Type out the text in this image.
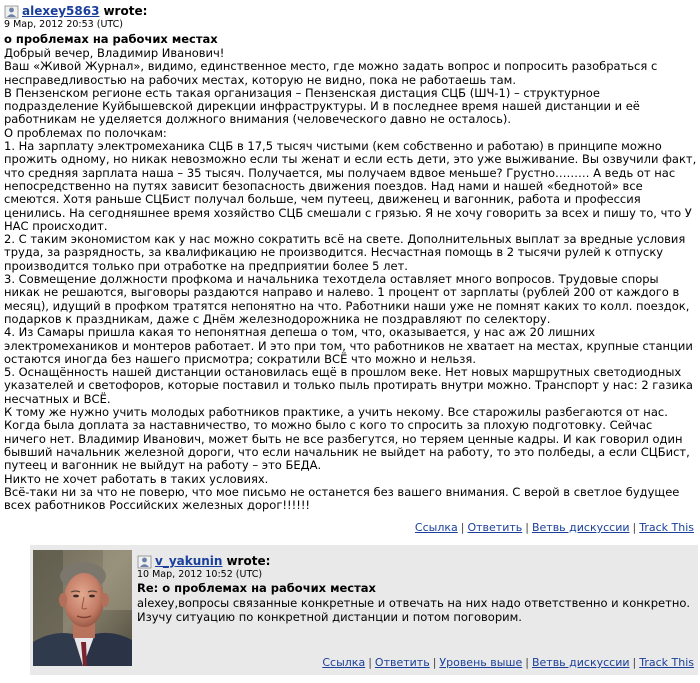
alexey5863 wrote:
9 Мар, 2012 20:53 (UTC)
о проблемах на рабочих местах

Добрый вечер, Владимир Иванович!

Ваш «Живой Журнал», видимо, единственное место, где можно задать вопрос и попросить разобраться с несправедливостью на рабочих местах, которую не видно, пока не работаешь там.

В Пензенском регионе есть такая организация – Пензенская дистация СЦБ (ШЧ-1) – структурное подразделение Куйбышевской дирекции инфраструктуры. И в последнее время нашей дистанции и её работникам не уделяется должного внимания (человеческого давно не осталось).

О проблемах по полочкам:

1. На зарплату электромеханика СЦБ в 17,5 тысяч чистыми (кем собственно и работаю) в принципе можно прожить одному, но никак невозможно если ты женат и если есть дети, это уже выживание. Вы озвучили факт, что средняя зарплата наша – 35 тысяч. Получается, мы получаем вдвое меньше? Грустно……… А ведь от нас непосредственно на путях зависит безопасность движения поездов. Над нами и нашей «беднотой» все смеются. Хотя раньше СЦБист получал больше, чем путеец, движенец и вагонник, работа и профессия ценились. На сегодняшнее время хозяйство СЦБ смешали с грязью. Я не хочу говорить за всех и пишу то, что У НАС происходит.

2. С таким экономистом как у нас можно сократить всё на свете. Дополнительных выплат за вредные условия труда, за разрядность, за квалификацию не производится. Несчастная помощь в 2 тысячи рулей к отпуску производится только при отработке на предприятии более 5 лет.

3. Совмещение должности профкома и начальника техотдела оставляет много вопросов. Трудовые споры никак не решаются, выговоры раздаются направо и налево. 1 процент от зарплаты (рублей 200 от каждого в месяц), идущий в профком тратятся непонятно на что. Работники наши уже не помнят каких то колл. поездок, подарков к праздникам, даже с Днём железнодорожника не поздравляют по селектору.

4. Из Самары пришла какая то непонятная депеша о том, что, оказывается, у нас аж 20 лишних электромехаников и монтеров работает. И это при том, что работников не хватает на местах, крупные станции остаются иногда без нашего присмотра; сократили ВСЁ что можно и нельзя.

5. Оснащённость нашей дистанции остановилась ещё в прошлом веке. Нет новых маршрутных светодиодных указателей и светофоров, которые поставил и только пыль протирать внутри можно. Транспорт у нас: 2 газика несчатных и ВСЁ.

К тому же нужно учить молодых работников практике, а учить некому. Все старожилы разбегаются от нас. Когда была доплата за наставничество, то можно было с кого то спросить за плохую подготовку. Сейчас ничего нет. Владимир Иванович, может быть не все разбегутся, но теряем ценные кадры. И как говорил один бывший начальник железной дороги, что если начальник не выйдет на работу, то это полбеды, а если СЦБист, путеец и вагонник не выйдут на работу – это БЕДА.

Никто не хочет работать в таких условиях.

Всё-таки ни за что не поверю, что мое письмо не останется без вашего внимания. С верой в светлое будущее всех работников Российских железных дорог!!!!!!

Ссылка | Ответить | Ветвь дискуссии | Track This
v_yakunin wrote:
10 Мар, 2012 10:52 (UTC)
Re: о проблемах на рабочих местах

alexey,вопросы связанные конкретные и отвечать на них надо ответственно и конкретно.

Изучу ситуацию по конкретной дистанции и потом поговорим.

Ссылка | Ответить | Уровень выше | Ветвь дискуссии | Track This
